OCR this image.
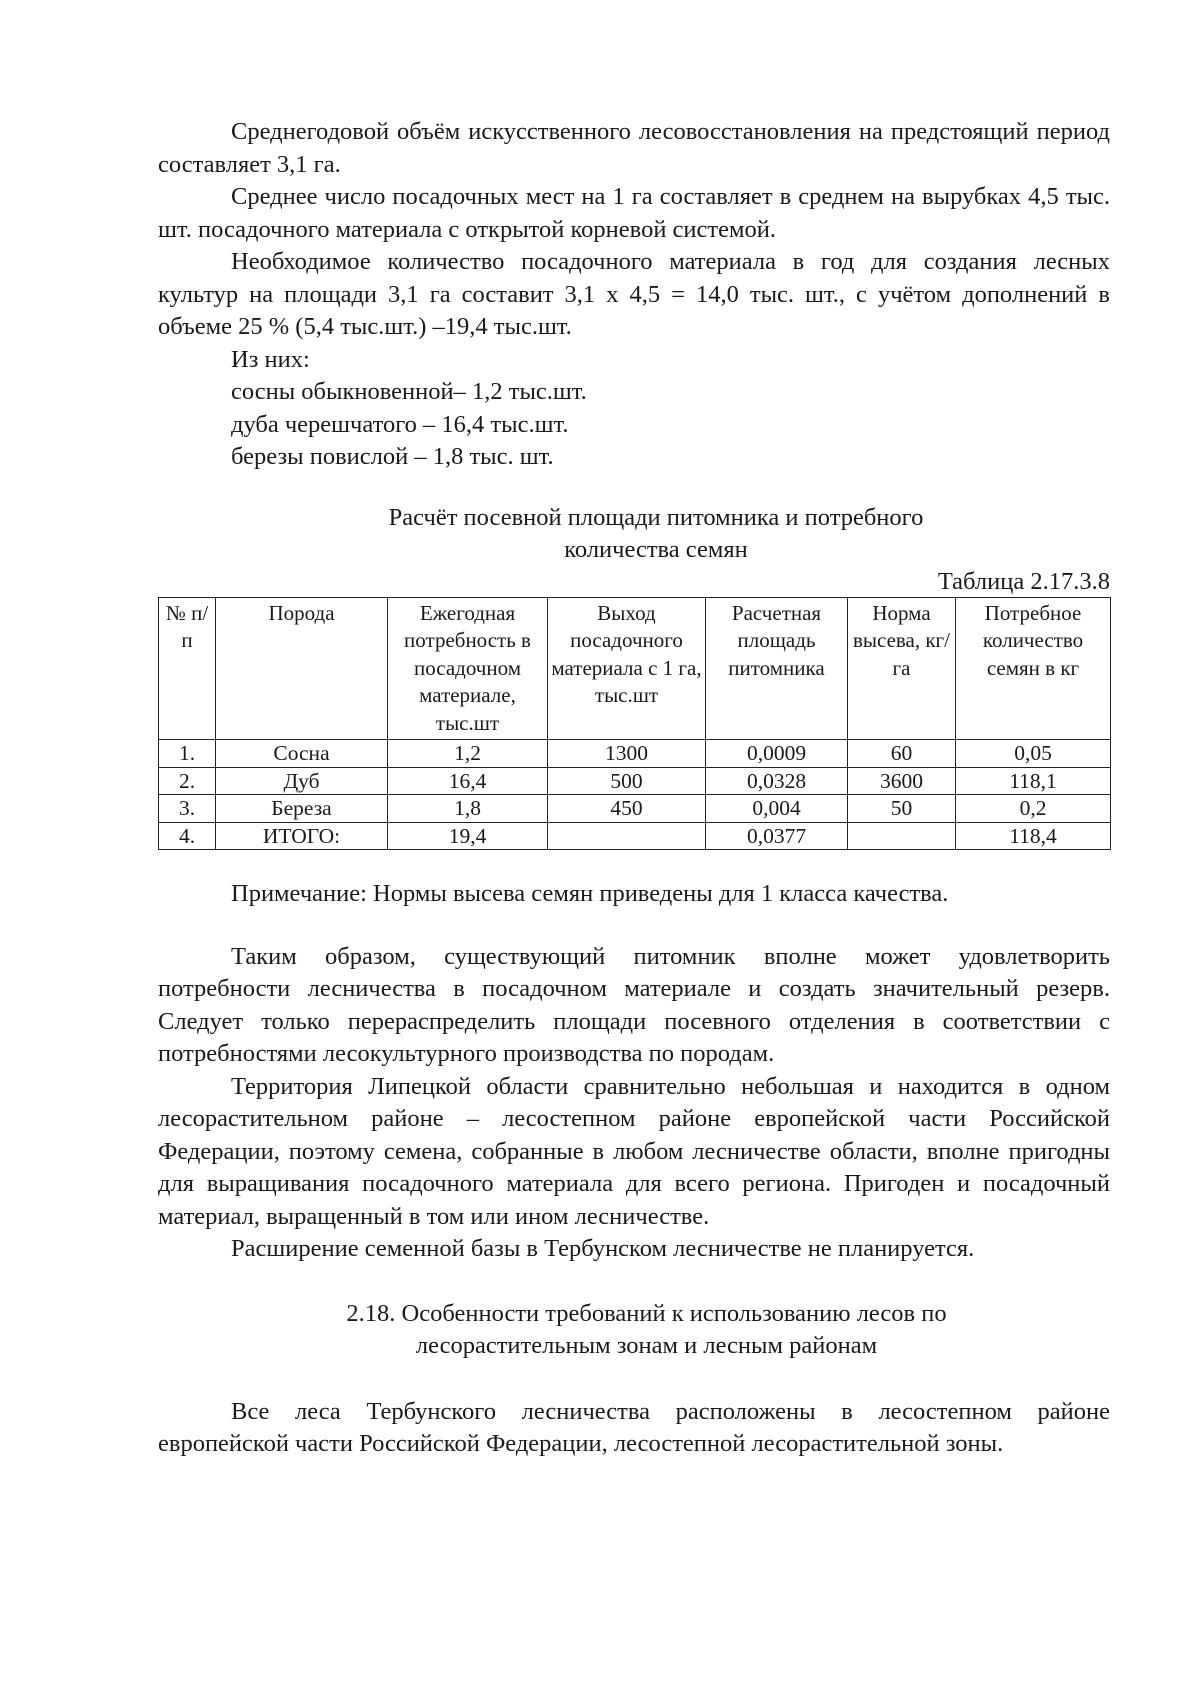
Среднегодовой объём искусственного лесовосстановления на предстоящий период составляет 3,1 га.

Среднее число посадочных мест на 1 га составляет в среднем на вырубках 4,5 тыс. шт. посадочного материала с открытой корневой системой.

Необходимое количество посадочного материала в год для создания лесных культур на площади 3,1 га составит 3,1 х 4,5 = 14,0 тыс. шт., с учётом дополнений в объеме 25 % (5,4 тыс.шт.) –19,4 тыс.шт.

Из них:

сосны обыкновенной– 1,2 тыс.шт.

дуба черешчатого – 16,4 тыс.шт.

березы повислой – 1,8 тыс. шт.

Расчёт посевной площади питомника и потребного

количества семян

Таблица 2.17.3.8

№ п/п	Порода	Ежегодная потребность в посадочном материале, тыс.шт	Выход посадочного материала с 1 га, тыс.шт	Расчетная площадь питомника	Норма высева, кг/га	Потребное количество семян в кг
1.	Сосна	1,2	1300	0,0009	60	0,05
2.	Дуб	16,4	500	0,0328	3600	118,1
3.	Береза	1,8	450	0,004	50	0,2
4.	ИТОГО:	19,4		0,0377		118,4

Примечание: Нормы высева семян приведены для 1 класса качества.

Таким образом, существующий питомник вполне может удовлетворить потребности лесничества в посадочном материале и создать значительный резерв. Следует только перераспределить площади посевного отделения в соответствии с потребностями лесокультурного производства по породам.

Территория Липецкой области сравнительно небольшая и находится в одном лесорастительном районе – лесостепном районе европейской части Российской Федерации, поэтому семена, собранные в любом лесничестве области, вполне пригодны для выращивания посадочного материала для всего региона. Пригоден и посадочный материал, выращенный в том или ином лесничестве.

Расширение семенной базы в Тербунском лесничестве не планируется.

2.18. Особенности требований к использованию лесов по

лесорастительным зонам и лесным районам

Все леса Тербунского лесничества расположены в лесостепном районе европейской части Российской Федерации, лесостепной лесорастительной зоны.
